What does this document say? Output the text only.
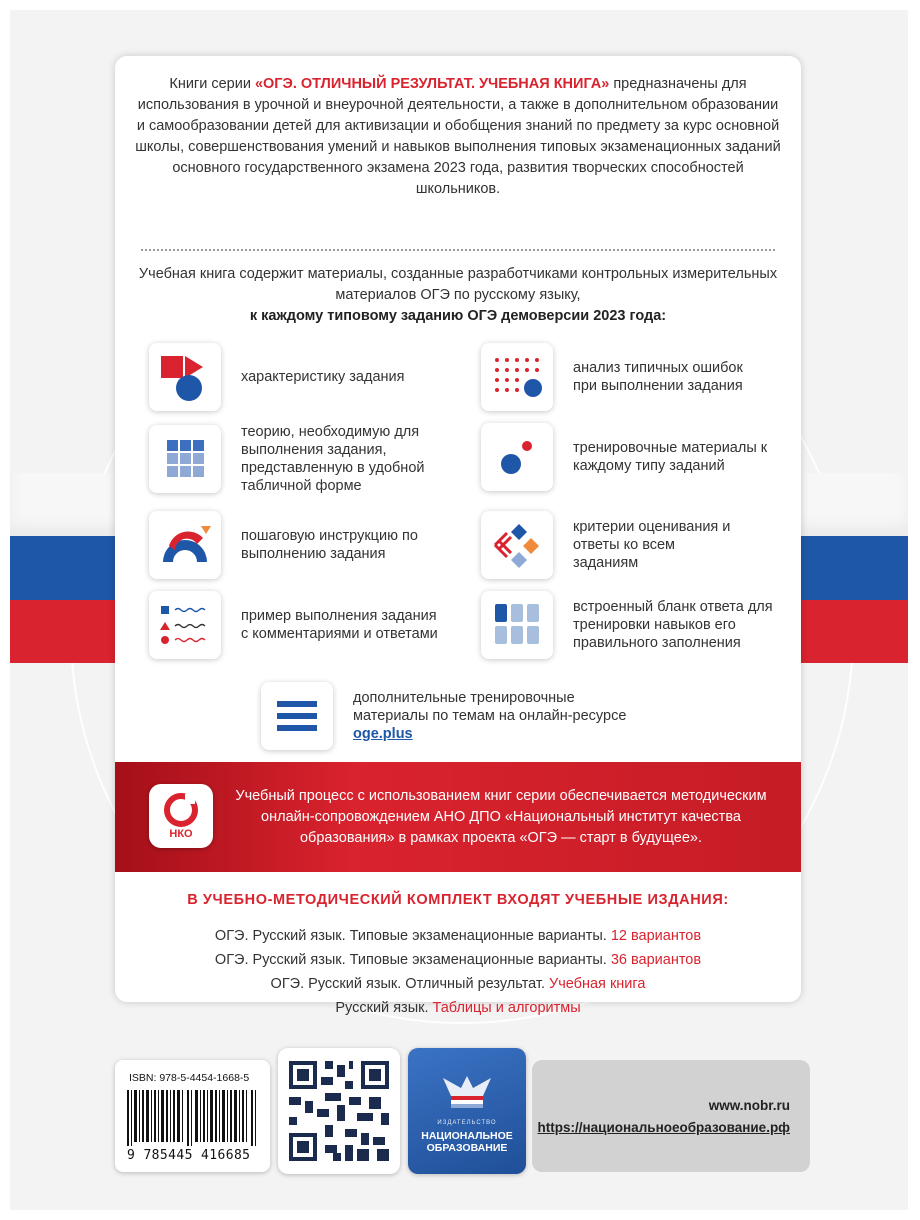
Книги серии «ОГЭ. ОТЛИЧНЫЙ РЕЗУЛЬТАТ. УЧЕБНАЯ КНИГА» предназначены для использования в урочной и внеурочной деятельности, а также в дополнительном образовании и самообразовании детей для активизации и обобщения знаний по предмету за курс основной школы, совершенствования умений и навыков выполнения типовых экзаменационных заданий основного государственного экзамена 2023 года, развития творческих способностей школьников.
Учебная книга содержит материалы, созданные разработчиками контрольных измерительных материалов ОГЭ по русскому языку,
к каждому типовому заданию ОГЭ демоверсии 2023 года:
характеристику задания
анализ типичных ошибок при выполнении задания
теорию, необходимую для выполнения задания, представленную в удобной табличной форме
тренировочные материалы к каждому типу заданий
пошаговую инструкцию по выполнению задания
критерии оценивания и ответы ко всем заданиям
пример выполнения задания с комментариями и ответами
встроенный бланк ответа для тренировки навыков его правильного заполнения
дополнительные тренировочные материалы по темам на онлайн-ресурсе oge.plus
НКО
Учебный процесс с использованием книг серии обеспечивается методическим онлайн-сопровождением АНО ДПО «Национальный институт качества образования» в рамках проекта «ОГЭ — старт в будущее».
В УЧЕБНО-МЕТОДИЧЕСКИЙ КОМПЛЕКТ ВХОДЯТ УЧЕБНЫЕ ИЗДАНИЯ:
ОГЭ. Русский язык. Типовые экзаменационные варианты. 12 вариантов
ОГЭ. Русский язык. Типовые экзаменационные варианты. 36 вариантов
ОГЭ. Русский язык. Отличный результат. Учебная книга
Русский язык. Таблицы и алгоритмы
ISBN: 978-5-4454-1668-5
9 785445 416685
ИЗДАТЕЛЬСТВО
НАЦИОНАЛЬНОЕ
ОБРАЗОВАНИЕ
www.nobr.ru
https://национальноеобразование.рф
